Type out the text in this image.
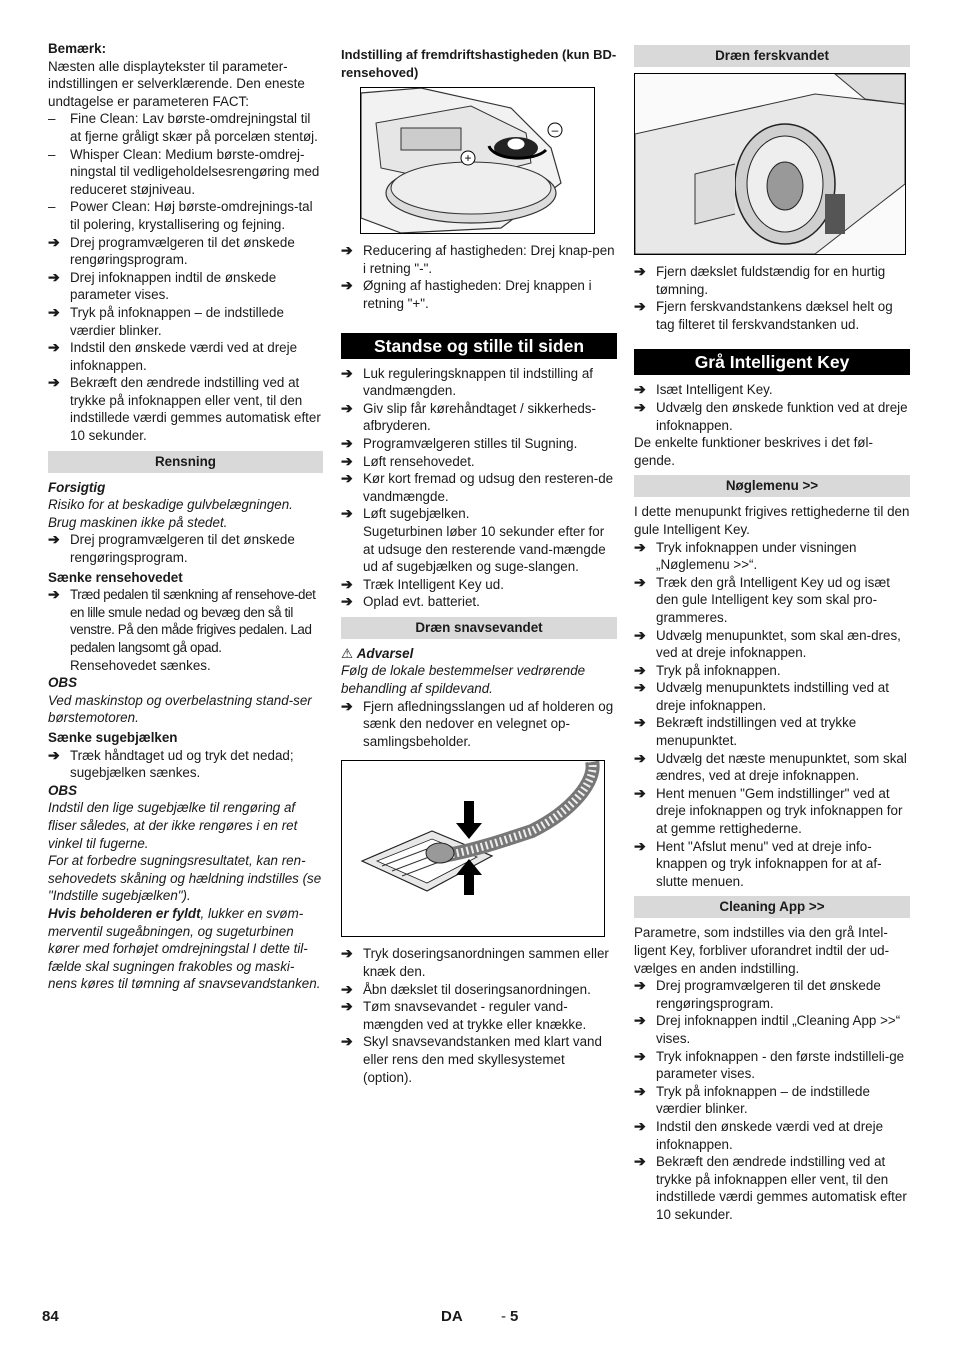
Bemærk:

Næsten alle displaytekster til parameter-indstillingen er selverklærende. Den eneste undtagelse er parameteren FACT:

– Fine Clean: Lav børste-omdrejningstal til at fjerne gråligt skær på porcelæn stentøj.
– Whisper Clean: Medium børste-omdrej-ningstal til vedligeholdelsesrengøring med reduceret støjniveau.
– Power Clean: Høj børste-omdrejnings-tal til polering, krystallisering og fejning.
➔ Drej programvælgeren til det ønskede rengøringsprogram.
➔ Drej infoknappen indtil de ønskede parameter vises.
➔ Tryk på infoknappen – de indstillede værdier blinker.
➔ Indstil den ønskede værdi ved at dreje infoknappen.
➔ Bekræft den ændrede indstilling ved at trykke på infoknappen eller vent, til den indstillede værdi gemmes automatisk efter 10 sekunder.
Rensning

Forsigtig

Risiko for at beskadige gulvbelægningen. Brug maskinen ikke på stedet.

➔ Drej programvælgeren til det ønskede rengøringsprogram.

Sænke rensehovedet

➔ Træd pedalen til sænkning af rensehove-det en lille smule nedad og bevæg den så til venstre. På den måde frigives pedalen. Lad pedalen langsomt gå opad.

Rensehovedet sænkes.

OBS

Ved maskinstop og overbelastning stand-ser børstemotoren.

Sænke sugebjælken

➔ Træk håndtaget ud og tryk det nedad; sugebjælken sænkes.

OBS

Indstil den lige sugebjælke til rengøring af fliser således, at der ikke rengøres i en ret vinkel til fugerne.

For at forbedre sugningsresultatet, kan ren-sehovedets skåning og hældning indstilles (se "Indstille sugebjælken").

Hvis beholderen er fyldt, lukker en svøm-merventil sugeåbningen, og sugeturbinen kører med forhøjet omdrejningstal I dette til-fælde skal sugningen frakobles og maski-nens køres til tømning af snavsevandstanken.

Indstilling af fremdriftshastigheden (kun BD-rensehoved)

+
–
➔ Reducering af hastigheden: Drej knap-pen i retning "-".
➔ Øgning af hastigheden: Drej knappen i retning "+".
Standse og stille til siden
➔ Luk reguleringsknappen til indstilling af vandmængden.
➔ Giv slip får kørehåndtaget / sikkerheds-afbryderen.
➔ Programvælgeren stilles til Sugning.
➔ Løft rensehovedet.
➔ Kør kort fremad og udsug den resteren-de vandmængde.
➔ Løft sugebjælken.

Sugeturbinen løber 10 sekunder efter for at udsuge den resterende vand-mængde ud af sugebjælken og suge-slangen.

➔ Træk Intelligent Key ud.
➔ Oplad evt. batteriet.
Dræn snavsevandet

⚠ Advarsel

Følg de lokale bestemmelser vedrørende behandling af spildevand.

➔ Fjern afledningsslangen ud af holderen og sænk den nedover en velegnet op-samlingsbeholder.
➔ Tryk doseringsanordningen sammen eller knæk den.
➔ Åbn dækslet til doseringsanordningen.
➔ Tøm snavsevandet - reguler vand-mængden ved at trykke eller knække.
➔ Skyl snavsevandstanken med klart vand eller rens den med skyllesystemet (option).
Dræn ferskvandet
➔ Fjern dækslet fuldstændig for en hurtig tømning.
➔ Fjern ferskvandstankens dæksel helt og tag filteret til ferskvandstanken ud.
Grå Intelligent Key
➔ Isæt Intelligent Key.
➔ Udvælg den ønskede funktion ved at dreje infoknappen.

De enkelte funktioner beskrives i det føl-gende.

Nøglemenu >>

I dette menupunkt frigives rettighederne til den gule Intelligent Key.

➔ Tryk infoknappen under visningen „Nøglemenu >>“.
➔ Træk den grå Intelligent Key ud og isæt den gule Intelligent key som skal pro-grammeres.
➔ Udvælg menupunktet, som skal æn-dres, ved at dreje infoknappen.
➔ Tryk på infoknappen.
➔ Udvælg menupunktets indstilling ved at dreje infoknappen.
➔ Bekræft indstillingen ved at trykke menupunktet.
➔ Udvælg det næste menupunktet, som skal ændres, ved at dreje infoknappen.
➔ Hent menuen "Gem indstillinger" ved at dreje infoknappen og tryk infoknappen for at gemme rettighederne.
➔ Hent "Afslut menu" ved at dreje info-knappen og tryk infoknappen for at af-slutte menuen.
Cleaning App >>

Parametre, som indstilles via den grå Intel-ligent Key, forbliver uforandret indtil der ud-vælges en anden indstilling.

➔ Drej programvælgeren til det ønskede rengøringsprogram.
➔ Drej infoknappen indtil „Cleaning App >>“ vises.
➔ Tryk infoknappen - den første indstilleli-ge parameter vises.
➔ Tryk på infoknappen – de indstillede værdier blinker.
➔ Indstil den ønskede værdi ved at dreje infoknappen.
➔ Bekræft den ændrede indstilling ved at trykke på infoknappen eller vent, til den indstillede værdi gemmes automatisk efter 10 sekunder.
84	DA	- 5
